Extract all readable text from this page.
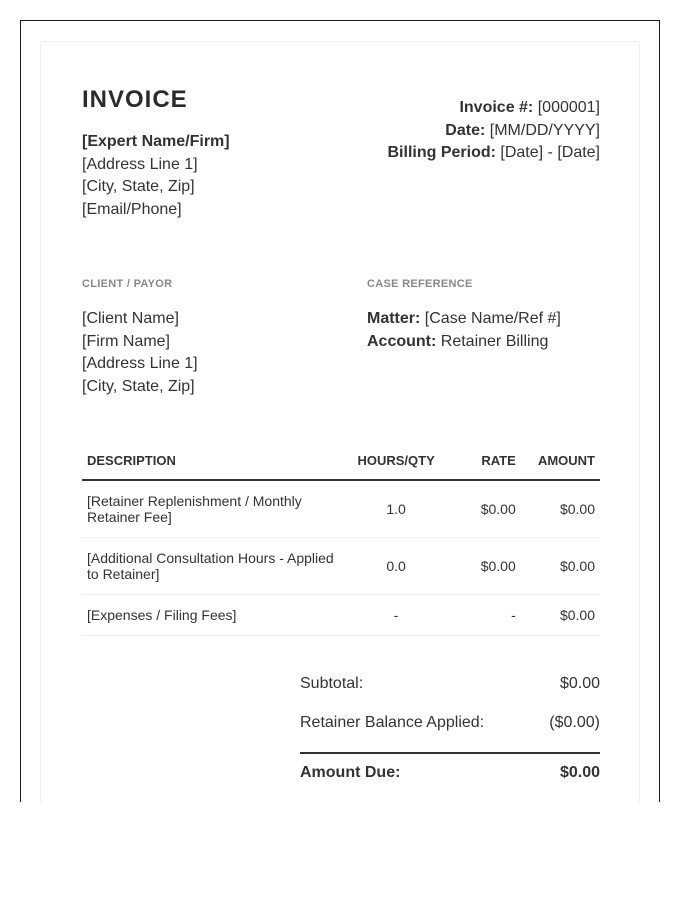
INVOICE
[Expert Name/Firm]
[Address Line 1]
[City, State, Zip]
[Email/Phone]
Invoice #: [000001]
Date: [MM/DD/YYYY]
Billing Period: [Date] - [Date]
CLIENT / PAYOR	CASE REFERENCE
[Client Name]
[Firm Name]
[Address Line 1]
[City, State, Zip]
Matter: [Case Name/Ref #]
Account: Retainer Billing
DESCRIPTION	HOURS/QTY	RATE	AMOUNT
[Retainer Replenishment / Monthly Retainer Fee]	1.0	$0.00	$0.00
[Additional Consultation Hours - Applied to Retainer]	0.0	$0.00	$0.00
[Expenses / Filing Fees]	-	-	$0.00
Subtotal:	$0.00
Retainer Balance Applied:	($0.00)
Amount Due:	$0.00
